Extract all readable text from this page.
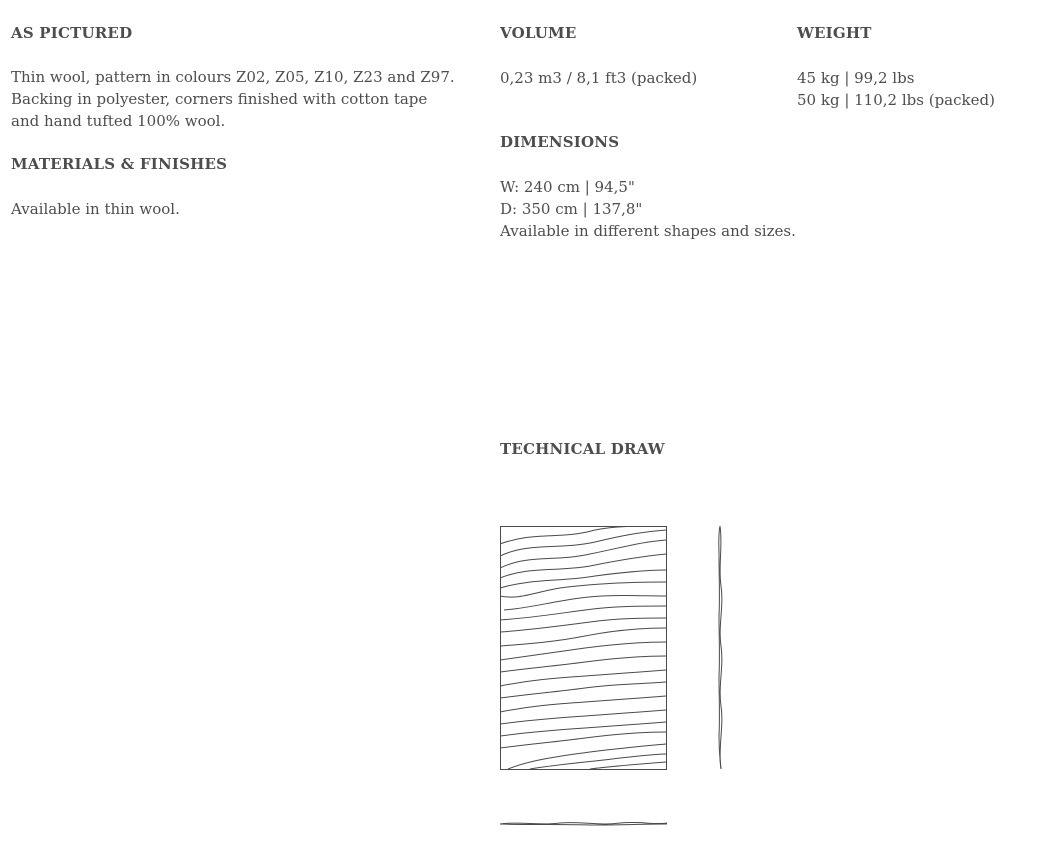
AS PICTURED
Thin wool, pattern in colours Z02, Z05, Z10, Z23 and Z97.
Backing in polyester, corners finished with cotton tape
and hand tufted 100% wool.
MATERIALS & FINISHES
Available in thin wool.
VOLUME
0,23 m3 / 8,1 ft3 (packed)
DIMENSIONS
W: 240 cm | 94,5"
D: 350 cm | 137,8"
Available in different shapes and sizes.
WEIGHT
45 kg | 99,2 lbs
50 kg | 110,2 lbs (packed)
TECHNICAL DRAW
